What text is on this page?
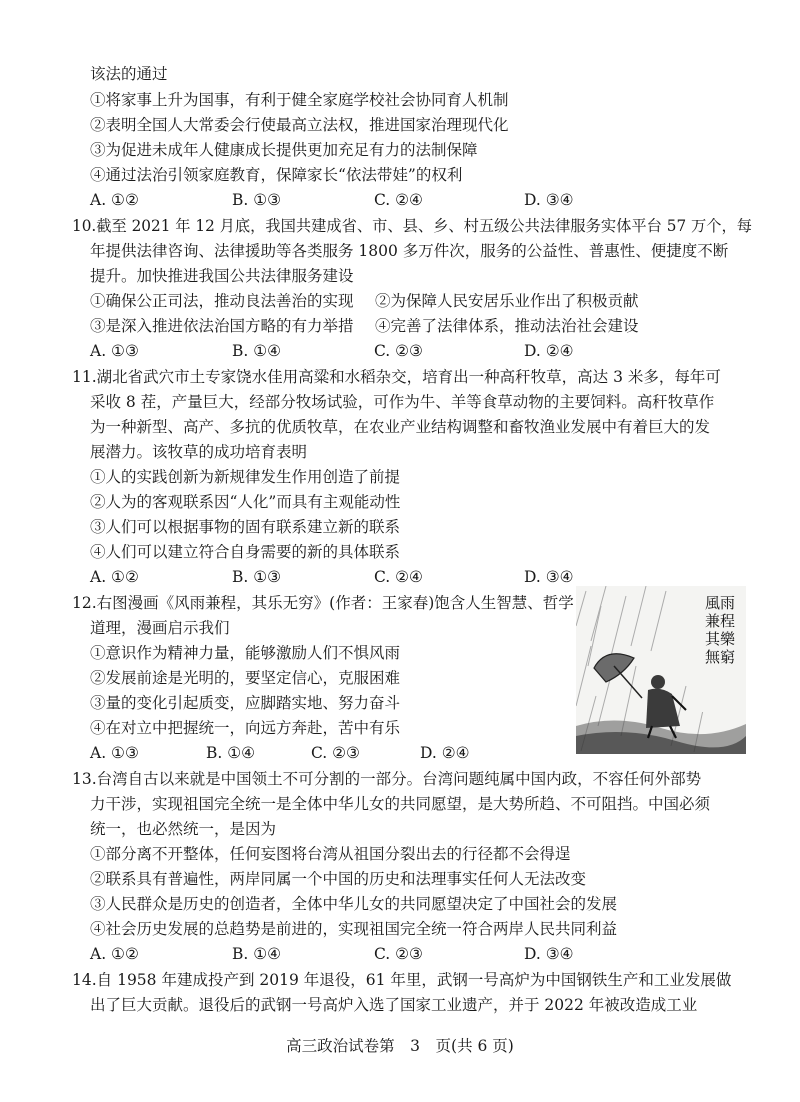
该法的通过
①将家事上升为国事，有利于健全家庭学校社会协同育人机制
②表明全国人大常委会行使最高立法权，推进国家治理现代化
③为促进未成年人健康成长提供更加充足有力的法制保障
④通过法治引领家庭教育，保障家长“依法带娃”的权利
A. ①②	B. ①③	C. ②④	D. ③④
10.截至 2021 年 12 月底，我国共建成省、市、县、乡、村五级公共法律服务实体平台 57 万个，每
年提供法律咨询、法律援助等各类服务 1800 多万件次，服务的公益性、普惠性、便捷度不断
提升。加快推进我国公共法律服务建设
①确保公正司法，推动良法善治的实现 ②为保障人民安居乐业作出了积极贡献
③是深入推进依法治国方略的有力举措 ④完善了法律体系，推动法治社会建设
A. ①③	B. ①④	C. ②③	D. ②④
11.湖北省武穴市土专家饶水佳用高粱和水稻杂交，培育出一种高秆牧草，高达 3 米多，每年可
采收 8 茬，产量巨大，经部分牧场试验，可作为牛、羊等食草动物的主要饲料。高秆牧草作
为一种新型、高产、多抗的优质牧草，在农业产业结构调整和畜牧渔业发展中有着巨大的发
展潜力。该牧草的成功培育表明
①人的实践创新为新规律发生作用创造了前提
②人为的客观联系因“人化”而具有主观能动性
③人们可以根据事物的固有联系建立新的联系
④人们可以建立符合自身需要的新的具体联系
A. ①②	B. ①③	C. ②④	D. ③④
12.右图漫画《风雨兼程，其乐无穷》(作者：王家春)饱含人生智慧、哲学
道理，漫画启示我们
①意识作为精神力量，能够激励人们不惧风雨
②发展前途是光明的，要坚定信心，克服困难
③量的变化引起质变，应脚踏实地、努力奋斗
④在对立中把握统一，向远方奔赴，苦中有乐
A. ①③	B. ①④	C. ②③	D. ②④
風雨兼程其樂無窮
13.台湾自古以来就是中国领土不可分割的一部分。台湾问题纯属中国内政，不容任何外部势
力干涉，实现祖国完全统一是全体中华儿女的共同愿望，是大势所趋、不可阻挡。中国必须
统一，也必然统一，是因为
①部分离不开整体，任何妄图将台湾从祖国分裂出去的行径都不会得逞
②联系具有普遍性，两岸同属一个中国的历史和法理事实任何人无法改变
③人民群众是历史的创造者，全体中华儿女的共同愿望决定了中国社会的发展
④社会历史发展的总趋势是前进的，实现祖国完全统一符合两岸人民共同利益
A. ①②	B. ①④	C. ②③	D. ③④
14.自 1958 年建成投产到 2019 年退役，61 年里，武钢一号高炉为中国钢铁生产和工业发展做
出了巨大贡献。退役后的武钢一号高炉入选了国家工业遗产，并于 2022 年被改造成工业
高三政治试卷第　3　页(共 6 页)
